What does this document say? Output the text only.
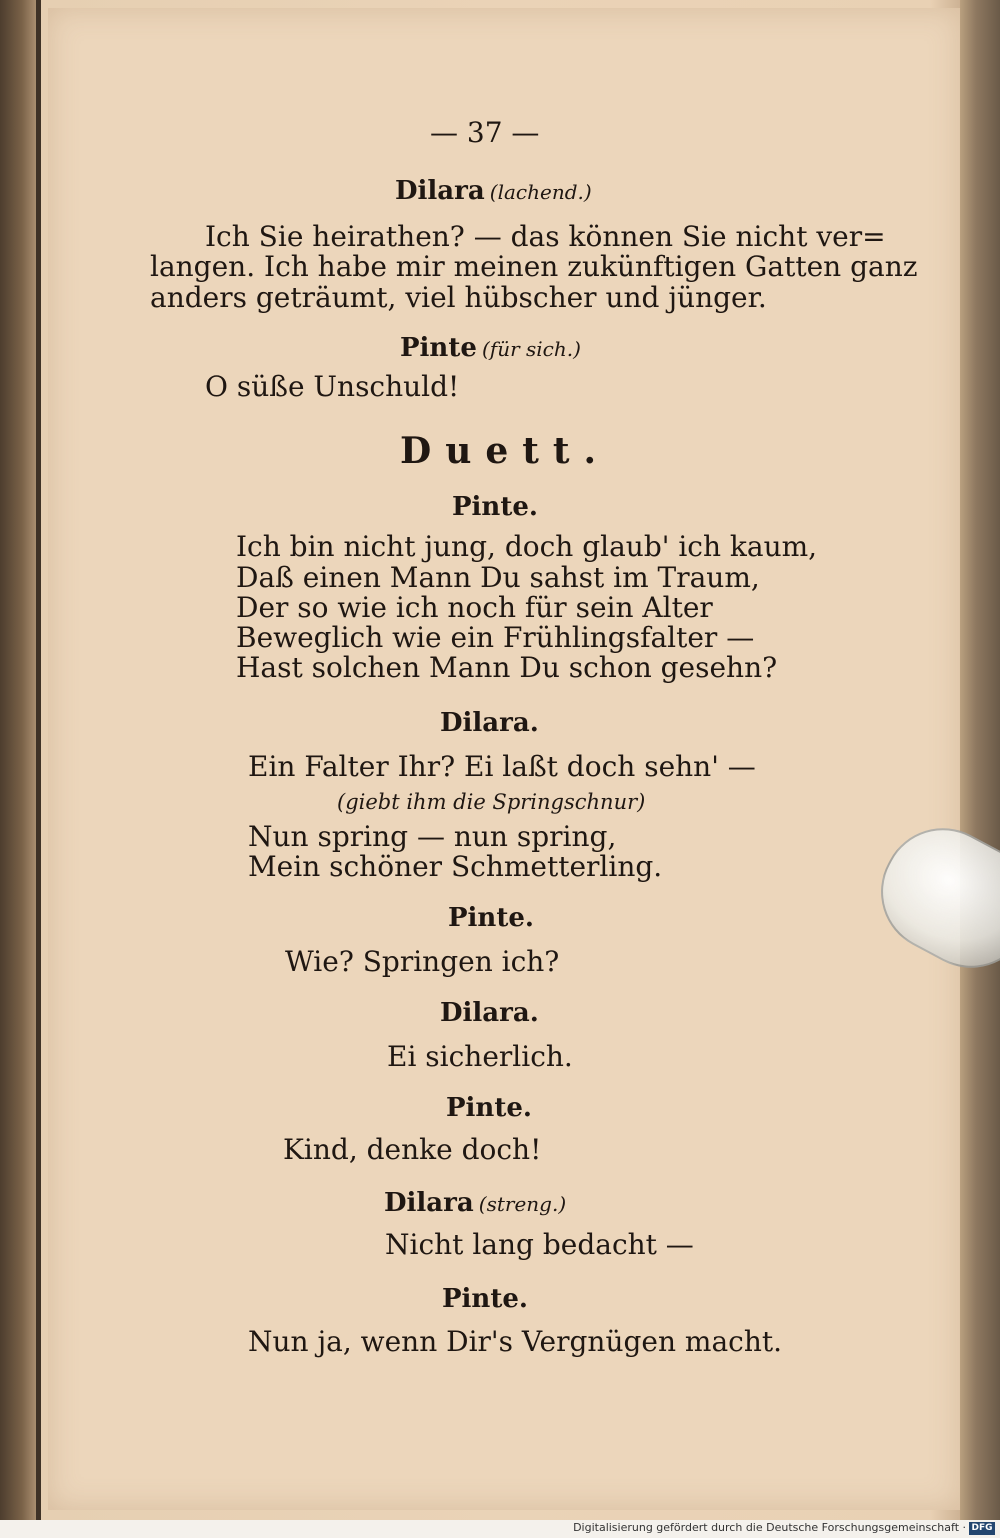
— 37 —
Dilara (lachend.)
Ich Sie heirathen? — das können Sie nicht ver=
langen. Ich habe mir meinen zukünftigen Gatten ganz
anders geträumt, viel hübscher und jünger.
Pinte (für sich.)
O süße Unschuld!
Duett.
Pinte.
Ich bin nicht jung, doch glaub' ich kaum,
Daß einen Mann Du sahst im Traum,
Der so wie ich noch für sein Alter
Beweglich wie ein Frühlingsfalter —
Hast solchen Mann Du schon gesehn?
Dilara.
Ein Falter Ihr? Ei laßt doch sehn' —
(giebt ihm die Springschnur)
Nun spring — nun spring,
Mein schöner Schmetterling.
Pinte.
Wie? Springen ich?
Dilara.
Ei sicherlich.
Pinte.
Kind, denke doch!
Dilara (streng.)
Nicht lang bedacht —
Pinte.
Nun ja, wenn Dir's Vergnügen macht.
Digitalisierung gefördert durch die Deutsche Forschungsgemeinschaft · DFG
